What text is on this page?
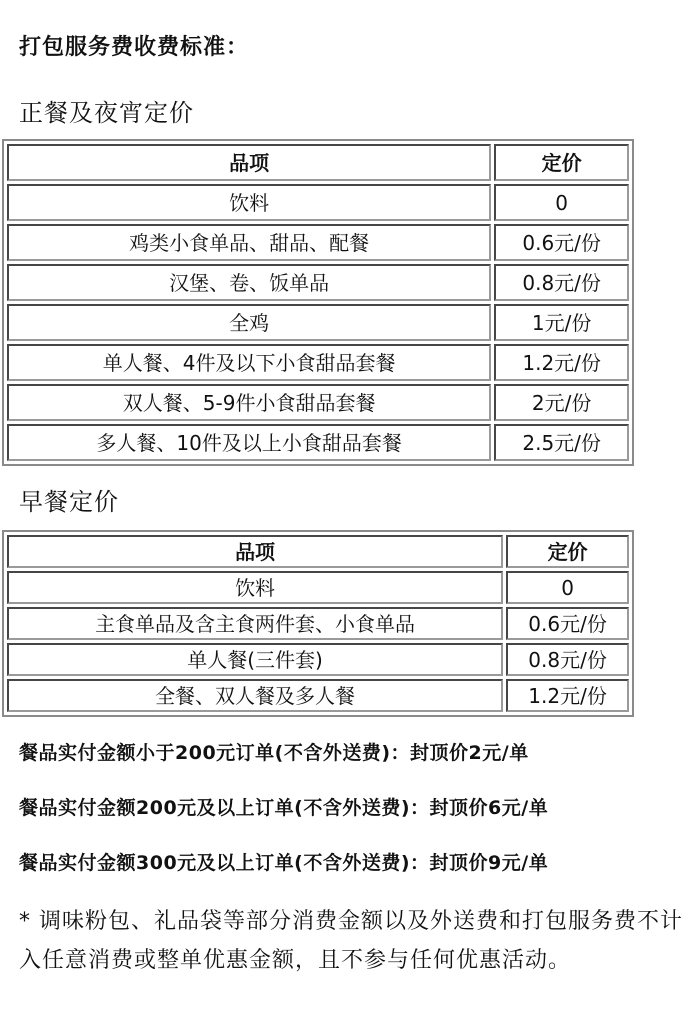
打包服务费收费标准：
正餐及夜宵定价
品项	定价
饮料	0
鸡类小食单品、甜品、配餐	0.6元/份
汉堡、卷、饭单品	0.8元/份
全鸡	1元/份
单人餐、4件及以下小食甜品套餐	1.2元/份
双人餐、5-9件小食甜品套餐	2元/份
多人餐、10件及以上小食甜品套餐	2.5元/份
早餐定价
品项	定价
饮料	0
主食单品及含主食两件套、小食单品	0.6元/份
单人餐(三件套)	0.8元/份
全餐、双人餐及多人餐	1.2元/份
餐品实付金额小于200元订单(不含外送费)：封顶价2元/单
餐品实付金额200元及以上订单(不含外送费)：封顶价6元/单
餐品实付金额300元及以上订单(不含外送费)：封顶价9元/单
* 调味粉包、礼品袋等部分消费金额以及外送费和打包服务费不计入任意消费或整单优惠金额，且不参与任何优惠活动。
